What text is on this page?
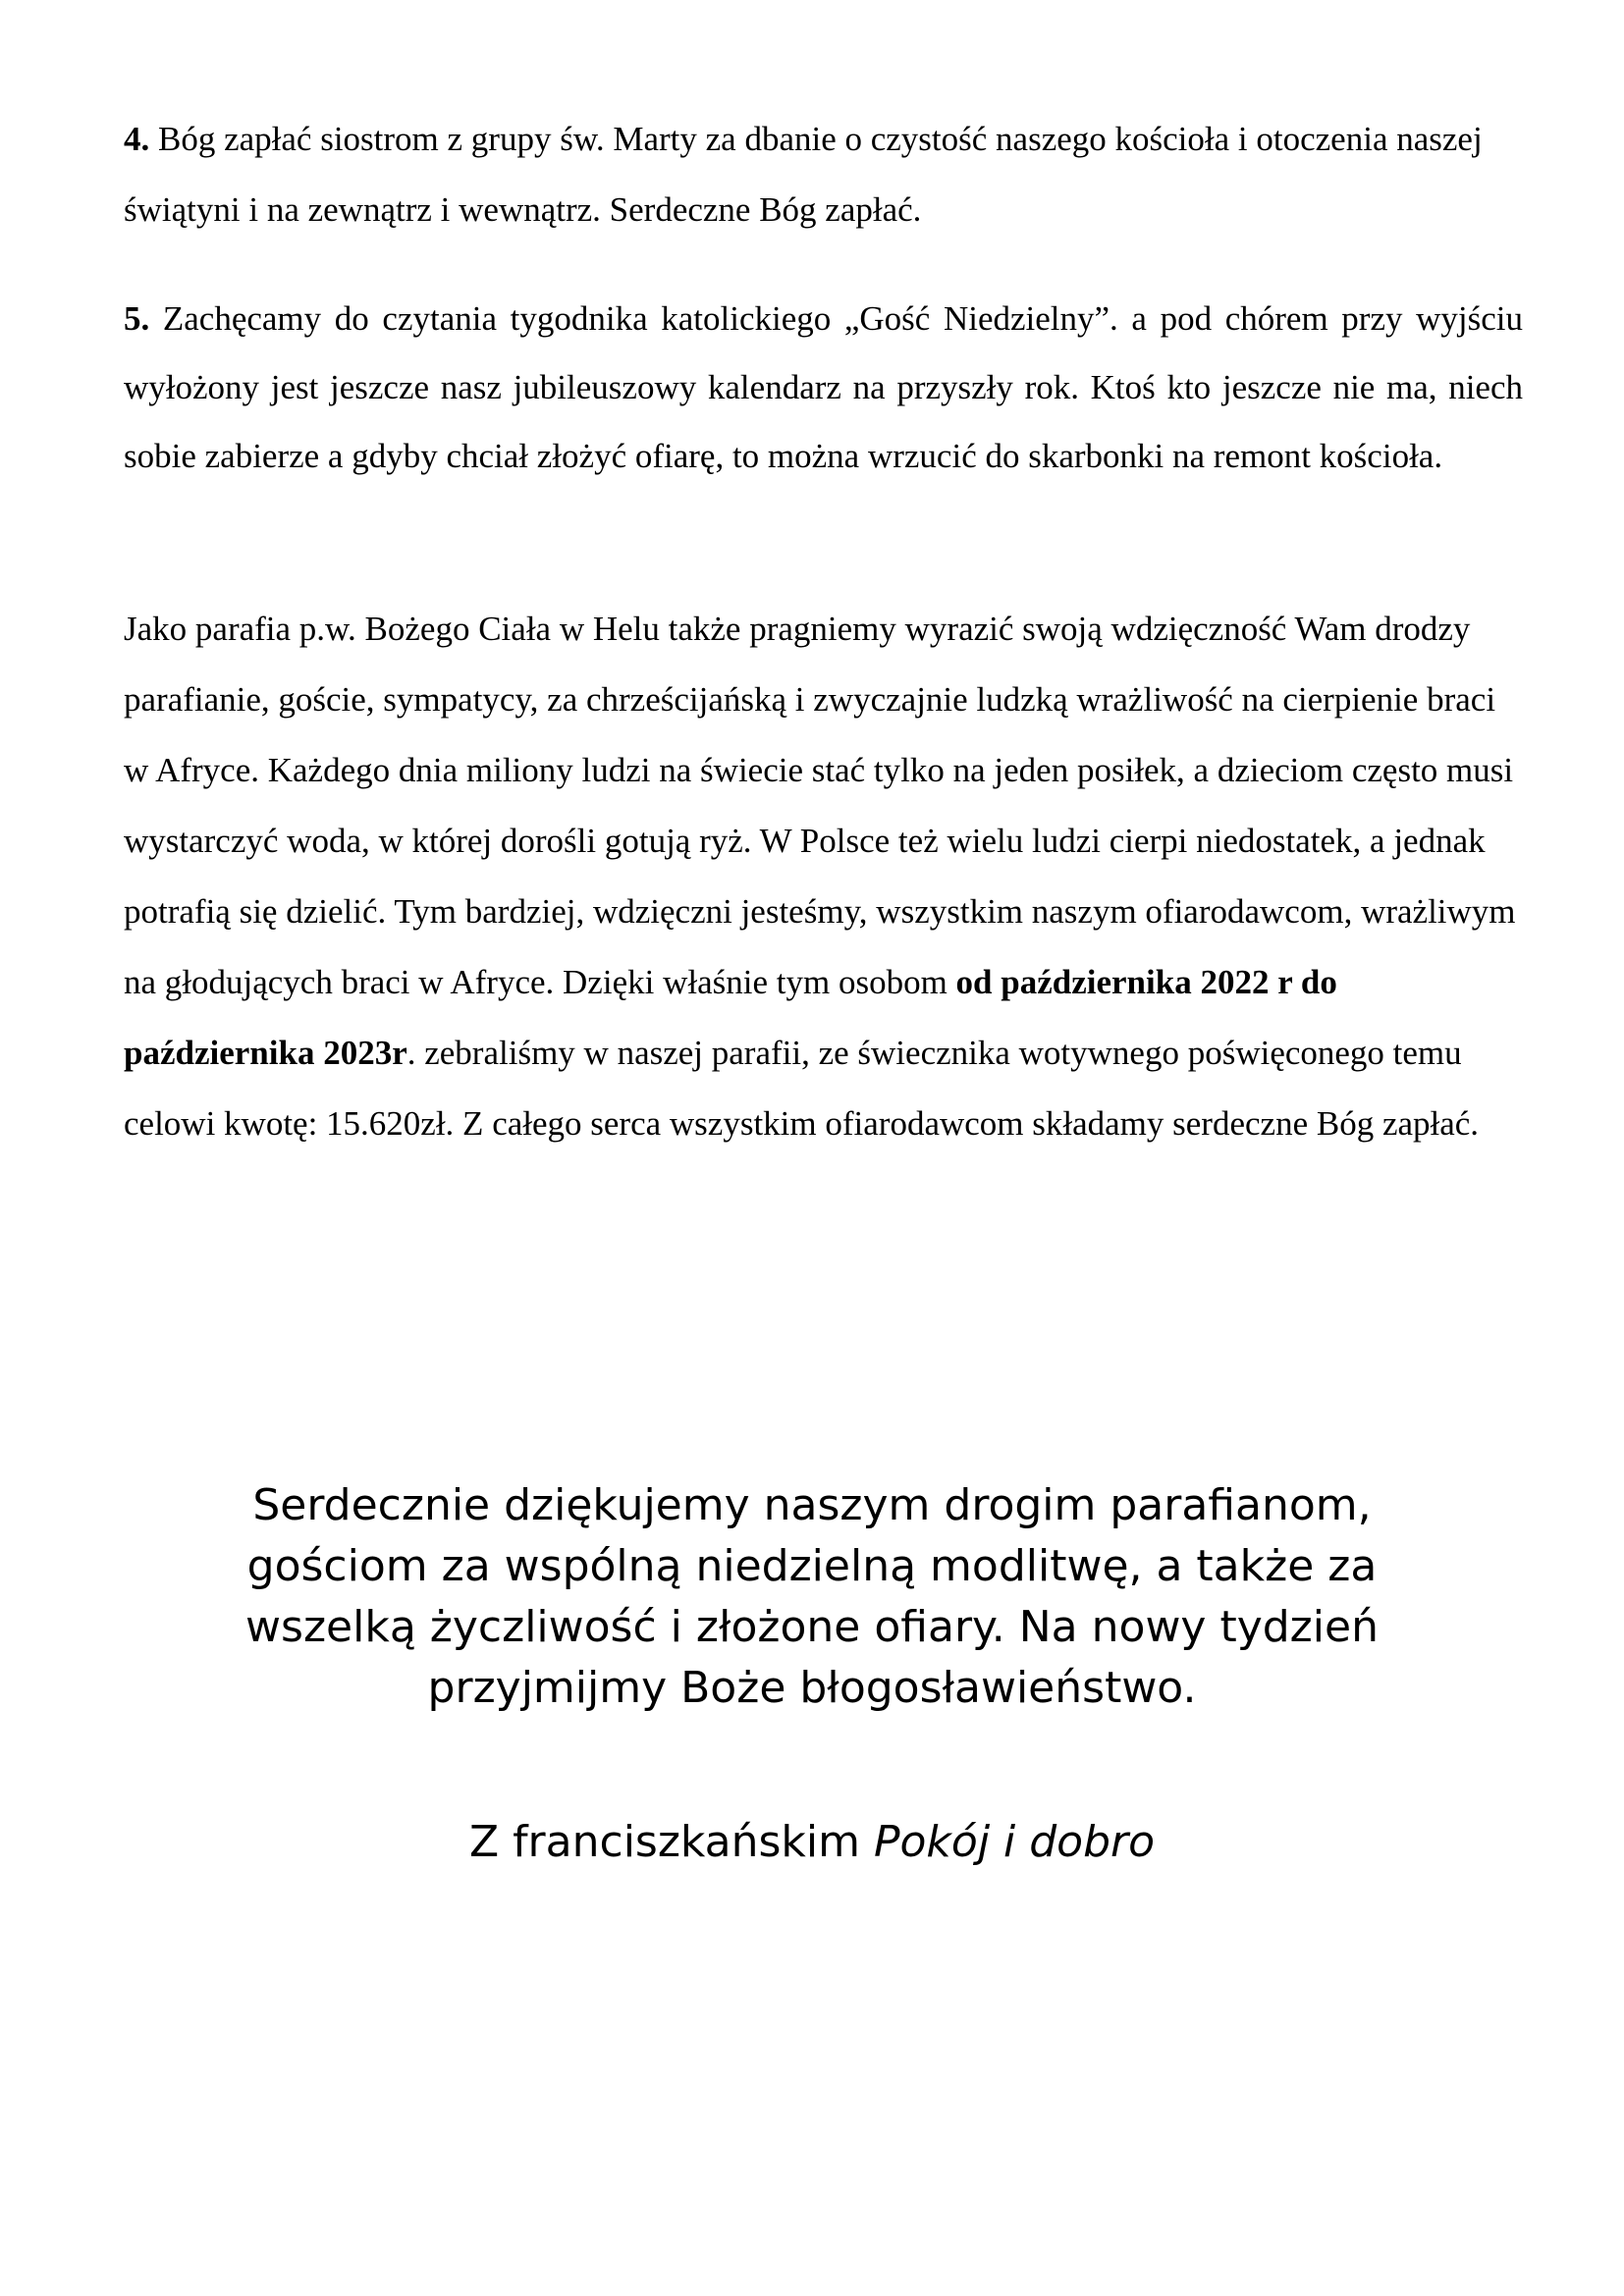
4. Bóg zapłać siostrom z grupy św. Marty za dbanie o czystość naszego kościoła i otoczenia naszej świątyni i na zewnątrz i wewnątrz. Serdeczne Bóg zapłać.

5. Zachęcamy do czytania tygodnika katolickiego „Gość Niedzielny”. a pod chórem przy wyjściu wyłożony jest jeszcze nasz jubileuszowy kalendarz na przyszły rok. Ktoś kto jeszcze nie ma, niech sobie zabierze a gdyby chciał złożyć ofiarę, to można wrzucić do skarbonki na remont kościoła.

Jako parafia p.w. Bożego Ciała w Helu także pragniemy wyrazić swoją wdzięczność Wam drodzy parafianie, goście, sympatycy, za chrześcijańską i zwyczajnie ludzką wrażliwość na cierpienie braci w Afryce. Każdego dnia miliony ludzi na świecie stać tylko na jeden posiłek, a dzieciom często musi wystarczyć woda, w której dorośli gotują ryż. W Polsce też wielu ludzi cierpi niedostatek, a jednak potrafią się dzielić. Tym bardziej, wdzięczni jesteśmy, wszystkim naszym ofiarodawcom, wrażliwym na głodujących braci w Afryce. Dzięki właśnie tym osobom od października 2022 r do października 2023r. zebraliśmy w naszej parafii, ze świecznika wotywnego poświęconego temu celowi kwotę: 15.620zł. Z całego serca wszystkim ofiarodawcom składamy serdeczne Bóg zapłać.

Serdecznie dziękujemy naszym drogim parafianom, gościom za wspólną niedzielną modlitwę, a także za wszelką życzliwość i złożone ofiary. Na nowy tydzień przyjmijmy Boże błogosławieństwo.

Z franciszkańskim Pokój i dobro
